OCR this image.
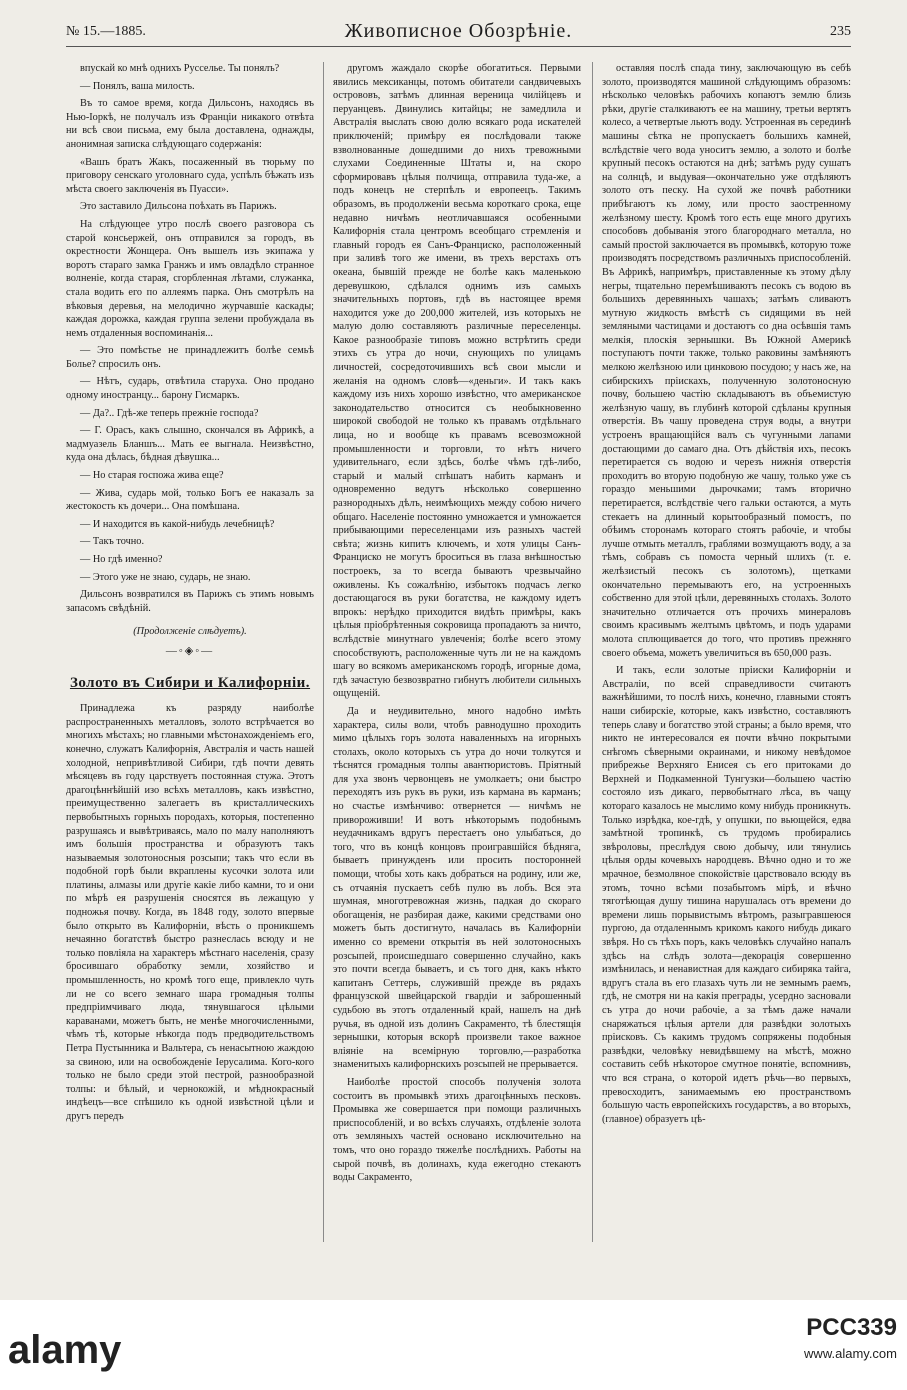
№ 15.—1885.	Живописное Обозрѣніе.	235

впускай ко мнѣ однихъ Русселье. Ты понялъ?

— Понялъ, ваша милость.

Въ то самое время, когда Дильсонъ, находясь въ Нью-Іоркѣ, не получалъ изъ Франціи никакого отвѣта ни всѣ свои письма, ему была доставлена, однажды, анонимная записка слѣдующаго содержанія:

«Вашъ братъ Жакъ, посаженный въ тюрьму по приговору сенскаго уголовнаго суда, успѣлъ бѣжать изъ мѣста своего заключенія въ Пуасси».

Это заставило Дильсона поѣхать въ Парижъ.

На слѣдующее утро послѣ своего разговора съ старой консьержей, онъ отправился за городъ, въ окрестности Жонщера. Онъ вышелъ изъ экипажа у воротъ стараго замка Гранжъ и имъ овладѣло странное волненіе, когда старая, сгорбленная лѣтами, служанка, стала водить его по аллеямъ парка. Онъ смотрѣлъ на вѣковыя деревья, на мелодично журчавшіе каскады; каждая дорожка, каждая группа зелени пробуждала въ немъ отдаленныя воспоминанія...

— Это помѣстье не принадлежитъ болѣе семьѣ Болье? спросилъ онъ.

— Нѣтъ, сударь, отвѣтила старуха. Оно продано одному иностранцу... барону Гисмаркъ.

— Да?.. Гдѣ-же теперь прежніе господа?

— Г. Орасъ, какъ слышно, скончался въ Африкѣ, а мадмуазель Бланшъ... Мать ее выгнала. Неизвѣстно, куда она дѣлась, бѣдная дѣвушка...

— Но старая госпожа жива еще?

— Жива, сударь мой, только Богъ ее наказалъ за жестокость къ дочери... Она помѣшана.

— И находится въ какой-нибудь лечебницѣ?

— Такъ точно.

— Но гдѣ именно?

— Этого уже не знаю, сударь, не знаю.

Дильсонъ возвратился въ Парижъ съ этимъ новымъ запасомъ свѣдѣній.

(Продолженіе слѣдуетъ).

—◦◈◦—
Золото въ Сибири и Калифорніи.

Принадлежа къ разряду наиболѣе распространенныхъ металловъ, золото встрѣчается во многихъ мѣстахъ; но главными мѣстонахожденіемъ его, конечно, служатъ Калифорнія, Австралія и часть нашей холодной, непривѣтливой Сибири, гдѣ почти девять мѣсяцевъ въ году царствуетъ постоянная стужа. Этотъ драгоцѣннѣйшій изо всѣхъ металловъ, какъ извѣстно, преимущественно залегаетъ въ кристаллическихъ первобытныхъ горныхъ породахъ, которыя, постепенно разрушаясь и вывѣтриваясь, мало по малу наполняютъ имъ большія пространства и образуютъ такъ называемыя золотоносныя розсыпи; такъ что если въ подобной горѣ были вкраплены кусочки золота или платины, алмазы или другіе какіе либо камни, то и они по мѣрѣ ея разрушенія сносятся въ лежащую у подножья почву. Когда, въ 1848 году, золото впервые было открыто въ Калифорніи, вѣсть о проникшемъ нечаянно богатствѣ быстро разнеслась всюду и не только повліяла на характеръ мѣстнаго населенія, сразу бросившаго обработку земли, хозяйство и промышленность, но кромѣ того еще, привлекло чуть ли не со всего земнаго шара громадныя толпы предпріимчиваго люда, тянувшагося цѣлыми караванами, можетъ быть, не менѣе многочисленными, чѣмъ тѣ, которые нѣкогда подъ предводительствомъ Петра Пустынника и Вальтера, съ ненасытною жаждою за свиною, или на освобожденіе Іерусалима. Кого-кого только не было среди этой пестрой, разнообразной толпы: и бѣлый, и чернокожій, и мѣднокрасный индѣецъ—все спѣшило къ одной извѣстной цѣли и другъ передъ

другомъ жаждало скорѣе обогатиться. Первыми явились мексиканцы, потомъ обитатели сандвичевыхъ острововъ, затѣмъ длинная вереница чилійцевъ и перуанцевъ. Двинулись китайцы; не замедлила и Австралія выслать свою долю всякаго рода искателей приключеній; примѣру ея послѣдовали также взволнованные дошедшими до нихъ тревожными слухами Соединенные Штаты и, на скоро сформировавъ цѣлыя полчища, отправила туда-же, а подъ конецъ не стерпѣлъ и европеецъ. Такимъ образомъ, въ продолженіи весьма короткаго срока, еще недавно ничѣмъ неотличавшаяся особенными Калифорнія стала центромъ всеобщаго стремленія и главный городъ ея Санъ-Франциско, расположенный при заливѣ того же имени, въ трехъ верстахъ отъ океана, бывшій прежде не болѣе какъ маленькою деревушкою, сдѣлался однимъ изъ самыхъ значительныхъ портовъ, гдѣ въ настоящее время находится уже до 200,000 жителей, изъ которыхъ не малую долю составляютъ различные переселенцы. Какое разнообразіе типовъ можно встрѣтить среди этихъ съ утра до ночи, снующихъ по улицамъ личностей, сосредоточившихъ всѣ свои мысли и желанія на одномъ словѣ—«деньги». И такъ какъ каждому изъ нихъ хорошо извѣстно, что американское законодательство относится съ необыкновенно широкой свободой не только къ правамъ отдѣльнаго лица, но и вообще къ правамъ всевозможной промышленности и торговли, то нѣтъ ничего удивительнаго, если здѣсь, болѣе чѣмъ гдѣ-либо, старый и малый спѣшатъ набить карманъ и одновременно ведутъ нѣсколько совершенно разнородныхъ дѣлъ, неимѣющихъ между собою ничего общаго. Населеніе постоянно умножается и умножается прибывающими переселенцами изъ разныхъ частей свѣта; жизнь кипитъ ключемъ, и хотя улицы Санъ-Франциско не могутъ броситься въ глаза внѣшностью построекъ, за то всегда бываютъ чрезвычайно оживлены. Къ сожалѣнію, избытокъ подчасъ легко достающагося въ руки богатства, не каждому идетъ впрокъ: нерѣдко приходится видѣть примѣры, какъ цѣлыя пріобрѣтенныя сокровища пропадаютъ за ничто, вслѣдствіе минутнаго увлеченія; болѣе всего этому способствуютъ, расположенные чуть ли не на каждомъ шагу во всякомъ американскомъ городѣ, игорные дома, гдѣ зачастую безвозвратно гибнутъ любители сильныхъ ощущеній.

Да и неудивительно, много надобно имѣть характера, силы воли, чтобъ равнодушно проходить мимо цѣлыхъ горъ золота наваленныхъ на игорныхъ столахъ, около которыхъ съ утра до ночи толкутся и тѣснятся громадныя толпы авантюристовъ. Пріятный для уха звонъ червонцевъ не умолкаетъ; они быстро переходятъ изъ рукъ въ руки, изъ кармана въ карманъ; но счастье измѣнчиво: отвернется — ничѣмъ не привороживши! И вотъ нѣкоторымъ подобнымъ неудачникамъ вдругъ перестаетъ оно улыбаться, до того, что въ концѣ концовъ проигравшійся бѣдняга, бываетъ принужденъ или просить посторонней помощи, чтобы хоть какъ добраться на родину, или же, съ отчаянія пускаетъ себѣ пулю въ лобъ. Вся эта шумная, многотревожная жизнь, падкая до скораго обогащенія, не разбирая даже, какими средствами оно можетъ быть достигнуто, началась въ Калифорніи именно со времени открытія въ ней золотоносныхъ розсыпей, происшедшаго совершенно случайно, какъ это почти всегда бываетъ, и съ того дня, какъ нѣкто капитанъ Сеттерь, служившій прежде въ рядахъ французской швейцарской гвардіи и заброшенный судьбою въ этотъ отдаленный край, нашелъ на днѣ ручья, въ одной изъ долинъ Сакраменто, тѣ блестящія зернышки, которыя вскорѣ произвели такое важное вліяніе на всемірную торговлю,—разработка знаменитыхъ калифорнскихъ розсыпей не прерывается.

Наиболѣе простой способъ полученія золота состоитъ въ промывкѣ этихъ драгоцѣнныхъ песковъ. Промывка же совершается при помощи различныхъ приспособленій, и во всѣхъ случаяхъ, отдѣленіе золота отъ земляныхъ частей основано исключительно на томъ, что оно гораздо тяжелѣе послѣднихъ. Работы на сырой почвѣ, въ долинахъ, куда ежегодно стекаютъ воды Сакраменто,

оставляя послѣ спада тину, заключающую въ себѣ золото, производятся машиной слѣдующимъ образомъ: нѣсколько человѣкъ рабочихъ копаютъ землю близь рѣки, другіе сталкиваютъ ее на машину, третьи вертятъ колесо, а четвертые льютъ воду. Устроенная въ серединѣ машины сѣтка не пропускаетъ большихъ камней, вслѣдствіе чего вода уноситъ землю, а золото и болѣе крупный песокъ остаются на днѣ; затѣмъ руду сушатъ на солнцѣ, и выдувая—окончательно уже отдѣляютъ золото отъ песку. На сухой же почвѣ работники прибѣгаютъ къ лому, или просто заостренному желѣзному шесту. Кромѣ того есть еще много другихъ способовъ добыванія этого благороднаго металла, но самый простой заключается въ промывкѣ, которую тоже производятъ посредствомъ различныхъ приспособленій. Въ Африкѣ, напримѣръ, приставленные къ этому дѣлу негры, тщательно перемѣшиваютъ песокъ съ водою въ большихъ деревянныхъ чашахъ; затѣмъ сливаютъ мутную жидкость вмѣстѣ съ сидящими въ ней земляными частицами и достаютъ со дна осѣвшія тамъ мелкія, плоскія зернышки. Въ Южной Америкѣ поступаютъ почти также, только раковины замѣняютъ мелкою желѣзною или цинковою посудою; у насъ же, на сибирскихъ пріискахъ, полученную золотоносную почву, большею частію складываютъ въ объемистую желѣзную чашу, въ глубинѣ которой сдѣланы крупныя отверстія. Въ чашу проведена струя воды, а внутри устроенъ вращающійся валъ съ чугунными лапами достающими до самаго дна. Отъ дѣйствія ихъ, песокъ перетирается съ водою и черезъ нижнія отверстія проходитъ во вторую подобную же чашу, только уже съ гораздо меньшими дырочками; тамъ вторично перетирается, вслѣдствіе чего гальки остаются, а муть стекаетъ на длинный корытообразный помостъ, по обѣимъ сторонамъ котораго стоятъ рабочіе, и чтобы лучше отмыть металлъ, граблями возмущаютъ воду, а за тѣмъ, собравъ съ помоста черный шлихъ (т. е. желѣзистый песокъ съ золотомъ), щетками окончательно перемываютъ его, на устроенныхъ собственно для этой цѣли, деревянныхъ столахъ. Золото значительно отличается отъ прочихъ минераловъ своимъ красивымъ желтымъ цвѣтомъ, и подъ ударами молота сплющивается до того, что противъ прежняго своего объема, можетъ увеличиться въ 650,000 разъ.

И такъ, если золотые пріиски Калифорніи и Австраліи, по всей справедливости считаютъ важнѣйшими, то послѣ нихъ, конечно, главными стоятъ наши сибирскіе, которые, какъ извѣстно, составляютъ теперь славу и богатство этой страны; а было время, что никто не интересовался ея почти вѣчно покрытыми снѣгомъ сѣверными окраинами, и никому невѣдомое прибрежье Верхняго Енисея съ его притоками до Верхней и Подкаменной Тунгузки—большею частію состояло изъ дикаго, первобытнаго лѣса, въ чащу котораго казалось не мыслимо кому нибудь проникнуть. Только изрѣдка, кое-гдѣ, у опушки, по вьющейся, едва замѣтной тропинкѣ, съ трудомъ пробирались звѣроловы, преслѣдуя свою добычу, или тянулись цѣлыя орды кочевыхъ народцевъ. Вѣчно одно и то же мрачное, безмолвное спокойствіе царствовало всюду въ этомъ, точно всѣми позабытомъ мірѣ, и вѣчно тяготѣющая душу тишина нарушалась отъ времени до времени лишь порывистымъ вѣтромъ, разыгравшеюся пургою, да отдаленнымъ крикомъ какого нибудь дикаго звѣря. Но съ тѣхъ поръ, какъ человѣкъ случайно напалъ здѣсь на слѣдъ золота—декорація совершенно измѣнилась, и ненавистная для каждаго сибиряка тайга, вдругъ стала въ его глазахъ чуть ли не земнымъ раемъ, гдѣ, не смотря ни на какія преграды, усердно засновали съ утра до ночи рабочіе, а за тѣмъ даже начали снаряжаться цѣлыя артели для развѣдки золотыхъ пріисковъ. Съ какимъ трудомъ сопряжены подобныя развѣдки, человѣку невидѣвшему на мѣстѣ, можно составить себѣ нѣкоторое смутное понятіе, вспомнивъ, что вся страна, о которой идетъ рѣчь—во первыхъ, превосходитъ, занимаемымъ ею пространствомъ большую часть европейскихъ государствъ, а во вторыхъ, (главное) образуетъ цѣ-

alamy
PCC339
www.alamy.com
